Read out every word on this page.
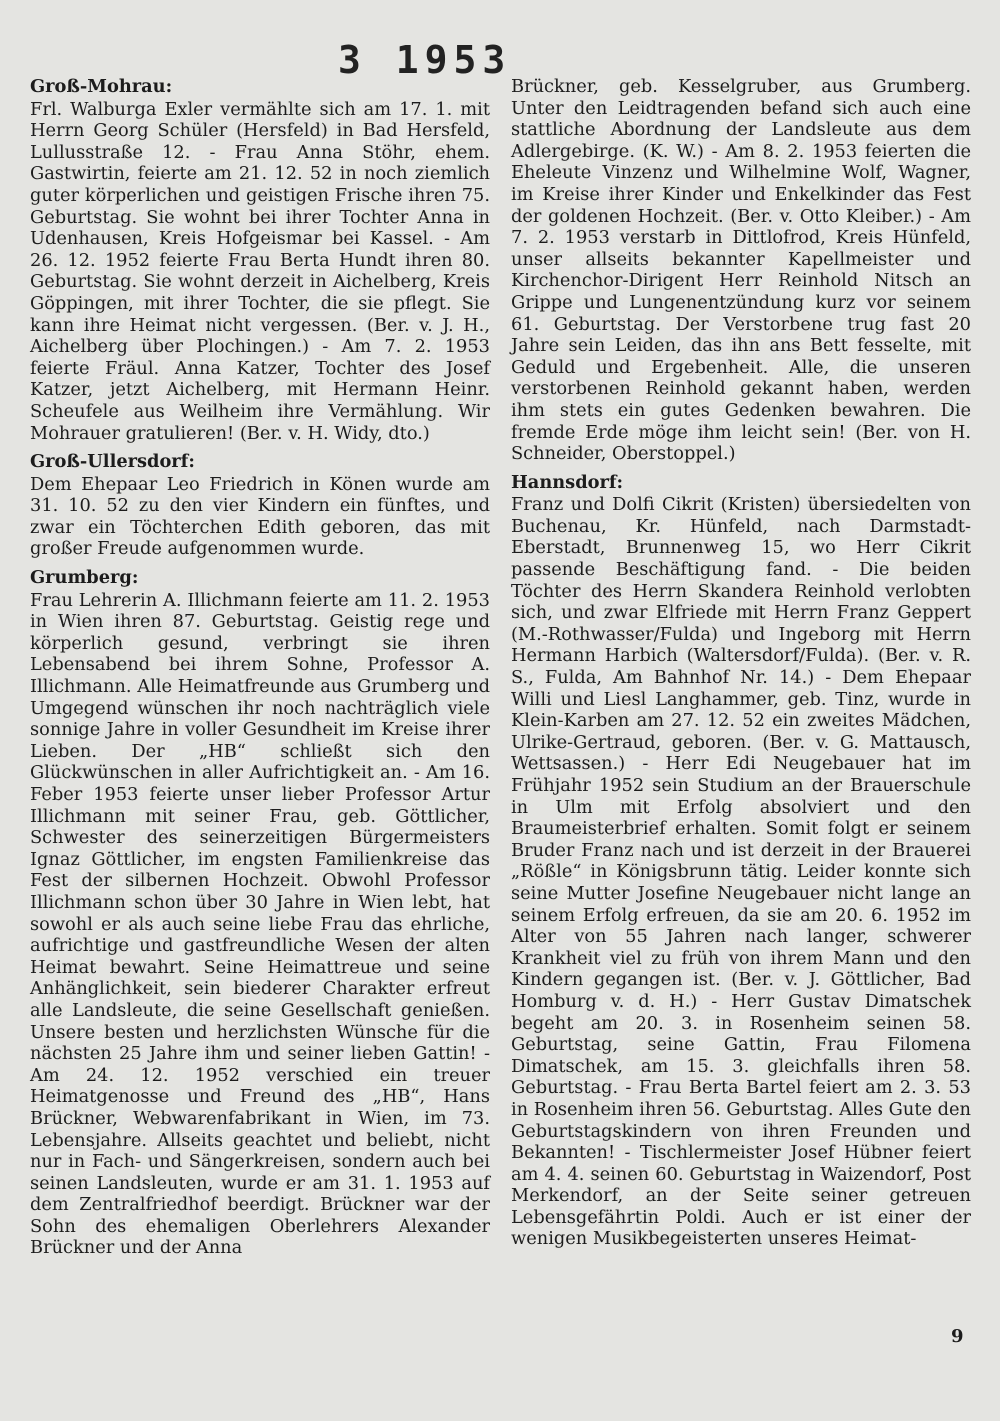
3 1953

Groß-Mohrau:

Frl. Walburga Exler vermählte sich am 17. 1. mit Herrn Georg Schüler (Hersfeld) in Bad Hersfeld, Lullusstraße 12. - Frau Anna Stöhr, ehem. Gastwirtin, feierte am 21. 12. 52 in noch ziemlich guter körperlichen und geistigen Frische ihren 75. Geburtstag. Sie wohnt bei ihrer Tochter Anna in Udenhausen, Kreis Hofgeismar bei Kassel. - Am 26. 12. 1952 feierte Frau Berta Hundt ihren 80. Geburtstag. Sie wohnt derzeit in Aichelberg, Kreis Göppingen, mit ihrer Tochter, die sie pflegt. Sie kann ihre Heimat nicht vergessen. (Ber. v. J. H., Aichelberg über Plochingen.) - Am 7. 2. 1953 feierte Fräul. Anna Katzer, Tochter des Josef Katzer, jetzt Aichelberg, mit Hermann Heinr. Scheufele aus Weilheim ihre Vermählung. Wir Mohrauer gratulieren! (Ber. v. H. Widy, dto.)

Groß-Ullersdorf:

Dem Ehepaar Leo Friedrich in Könen wurde am 31. 10. 52 zu den vier Kindern ein fünftes, und zwar ein Töchterchen Edith geboren, das mit großer Freude aufgenommen wurde.

Grumberg:

Frau Lehrerin A. Illichmann feierte am 11. 2. 1953 in Wien ihren 87. Geburtstag. Geistig rege und körperlich gesund, verbringt sie ihren Lebensabend bei ihrem Sohne, Professor A. Illichmann. Alle Heimatfreunde aus Grumberg und Umgegend wünschen ihr noch nachträglich viele sonnige Jahre in voller Gesundheit im Kreise ihrer Lieben. Der „HB“ schließt sich den Glückwünschen in aller Aufrichtigkeit an. - Am 16. Feber 1953 feierte unser lieber Professor Artur Illichmann mit seiner Frau, geb. Göttlicher, Schwester des seinerzeitigen Bürgermeisters Ignaz Göttlicher, im engsten Familienkreise das Fest der silbernen Hochzeit. Obwohl Professor Illichmann schon über 30 Jahre in Wien lebt, hat sowohl er als auch seine liebe Frau das ehrliche, aufrichtige und gastfreundliche Wesen der alten Heimat bewahrt. Seine Heimattreue und seine Anhänglichkeit, sein biederer Charakter erfreut alle Landsleute, die seine Gesellschaft genießen. Unsere besten und herzlichsten Wünsche für die nächsten 25 Jahre ihm und seiner lieben Gattin! - Am 24. 12. 1952 verschied ein treuer Heimatgenosse und Freund des „HB“, Hans Brückner, Webwarenfabrikant in Wien, im 73. Lebensjahre. Allseits geachtet und beliebt, nicht nur in Fach- und Sängerkreisen, sondern auch bei seinen Landsleuten, wurde er am 31. 1. 1953 auf dem Zentralfriedhof beerdigt. Brückner war der Sohn des ehemaligen Oberlehrers Alexander Brückner und der Anna

Brückner, geb. Kesselgruber, aus Grumberg. Unter den Leidtragenden befand sich auch eine stattliche Abordnung der Landsleute aus dem Adlergebirge. (K. W.) - Am 8. 2. 1953 feierten die Eheleute Vinzenz und Wilhelmine Wolf, Wagner, im Kreise ihrer Kinder und Enkelkinder das Fest der goldenen Hochzeit. (Ber. v. Otto Kleiber.) - Am 7. 2. 1953 verstarb in Dittlofrod, Kreis Hünfeld, unser allseits bekannter Kapellmeister und Kirchenchor-Dirigent Herr Reinhold Nitsch an Grippe und Lungenentzündung kurz vor seinem 61. Geburtstag. Der Verstorbene trug fast 20 Jahre sein Leiden, das ihn ans Bett fesselte, mit Geduld und Ergebenheit. Alle, die unseren verstorbenen Reinhold gekannt haben, werden ihm stets ein gutes Gedenken bewahren. Die fremde Erde möge ihm leicht sein! (Ber. von H. Schneider, Oberstoppel.)

Hannsdorf:

Franz und Dolfi Cikrit (Kristen) übersiedelten von Buchenau, Kr. Hünfeld, nach Darmstadt-Eberstadt, Brunnenweg 15, wo Herr Cikrit passende Beschäftigung fand. - Die beiden Töchter des Herrn Skandera Reinhold verlobten sich, und zwar Elfriede mit Herrn Franz Geppert (M.-Rothwasser/Fulda) und Ingeborg mit Herrn Hermann Harbich (Waltersdorf/Fulda). (Ber. v. R. S., Fulda, Am Bahnhof Nr. 14.) - Dem Ehepaar Willi und Liesl Langhammer, geb. Tinz, wurde in Klein-Karben am 27. 12. 52 ein zweites Mädchen, Ulrike-Gertraud, geboren. (Ber. v. G. Mattausch, Wettsassen.) - Herr Edi Neugebauer hat im Frühjahr 1952 sein Studium an der Brauerschule in Ulm mit Erfolg absolviert und den Braumeisterbrief erhalten. Somit folgt er seinem Bruder Franz nach und ist derzeit in der Brauerei „Rößle“ in Königsbrunn tätig. Leider konnte sich seine Mutter Josefine Neugebauer nicht lange an seinem Erfolg erfreuen, da sie am 20. 6. 1952 im Alter von 55 Jahren nach langer, schwerer Krankheit viel zu früh von ihrem Mann und den Kindern gegangen ist. (Ber. v. J. Göttlicher, Bad Homburg v. d. H.) - Herr Gustav Dimatschek begeht am 20. 3. in Rosenheim seinen 58. Geburtstag, seine Gattin, Frau Filomena Dimatschek, am 15. 3. gleichfalls ihren 58. Geburtstag. - Frau Berta Bartel feiert am 2. 3. 53 in Rosenheim ihren 56. Geburtstag. Alles Gute den Geburtstagskindern von ihren Freunden und Bekannten! - Tischlermeister Josef Hübner feiert am 4. 4. seinen 60. Geburtstag in Waizendorf, Post Merkendorf, an der Seite seiner getreuen Lebensgefährtin Poldi. Auch er ist einer der wenigen Musikbegeisterten unseres Heimat-

9
